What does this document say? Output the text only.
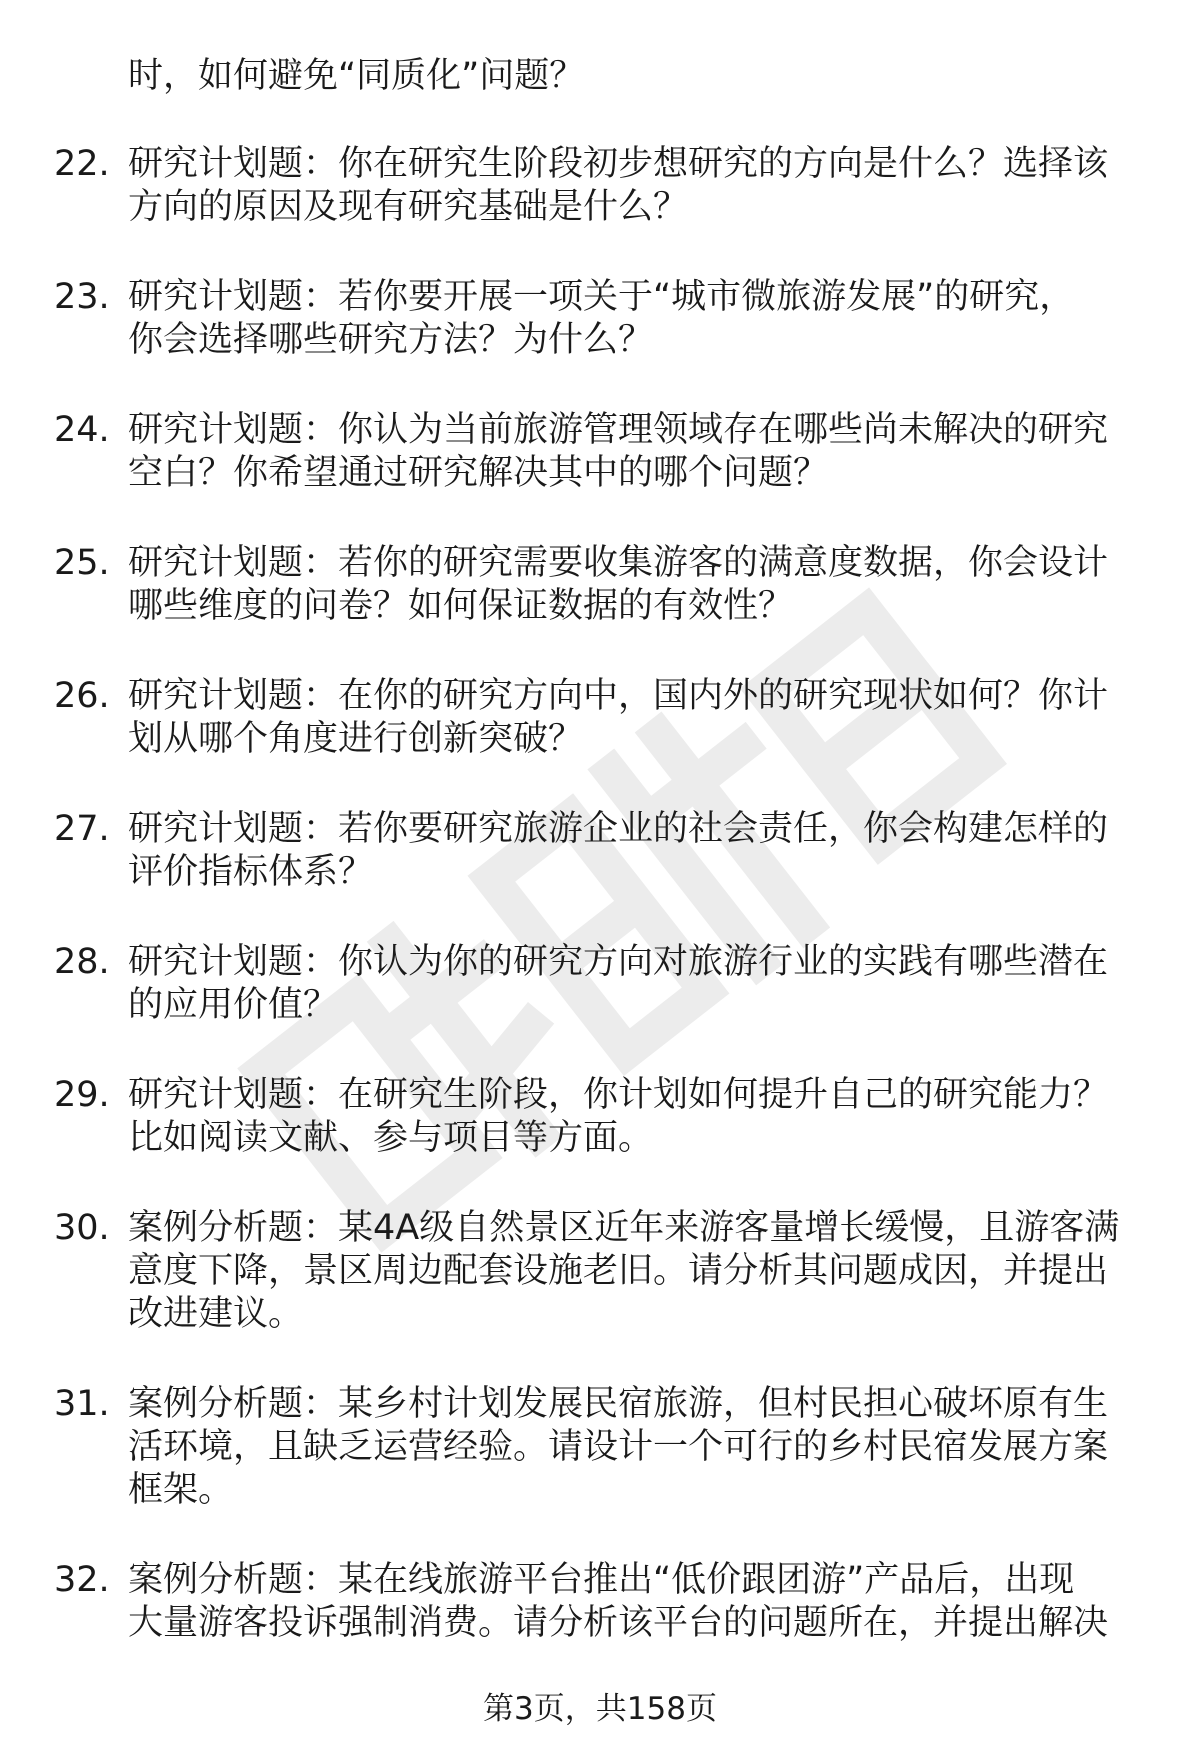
时，如何避免“同质化”问题？
22. 研究计划题：你在研究生阶段初步想研究的方向是什么？选择该
方向的原因及现有研究基础是什么？
23. 研究计划题：若你要开展一项关于“城市微旅游发展”的研究，
你会选择哪些研究方法？为什么？
24. 研究计划题：你认为当前旅游管理领域存在哪些尚未解决的研究
空白？你希望通过研究解决其中的哪个问题？
25. 研究计划题：若你的研究需要收集游客的满意度数据，你会设计
哪些维度的问卷？如何保证数据的有效性？
26. 研究计划题：在你的研究方向中，国内外的研究现状如何？你计
划从哪个角度进行创新突破？
27. 研究计划题：若你要研究旅游企业的社会责任，你会构建怎样的
评价指标体系？
28. 研究计划题：你认为你的研究方向对旅游行业的实践有哪些潜在
的应用价值？
29. 研究计划题：在研究生阶段，你计划如何提升自己的研究能力？
比如阅读文献、参与项目等方面。
30. 案例分析题：某4A级自然景区近年来游客量增长缓慢，且游客满
意度下降，景区周边配套设施老旧。请分析其问题成因，并提出
改进建议。
31. 案例分析题：某乡村计划发展民宿旅游，但村民担心破坏原有生
活环境，且缺乏运营经验。请设计一个可行的乡村民宿发展方案
框架。
32. 案例分析题：某在线旅游平台推出“低价跟团游”产品后，出现
大量游客投诉强制消费。请分析该平台的问题所在，并提出解决
第3页，共158页
